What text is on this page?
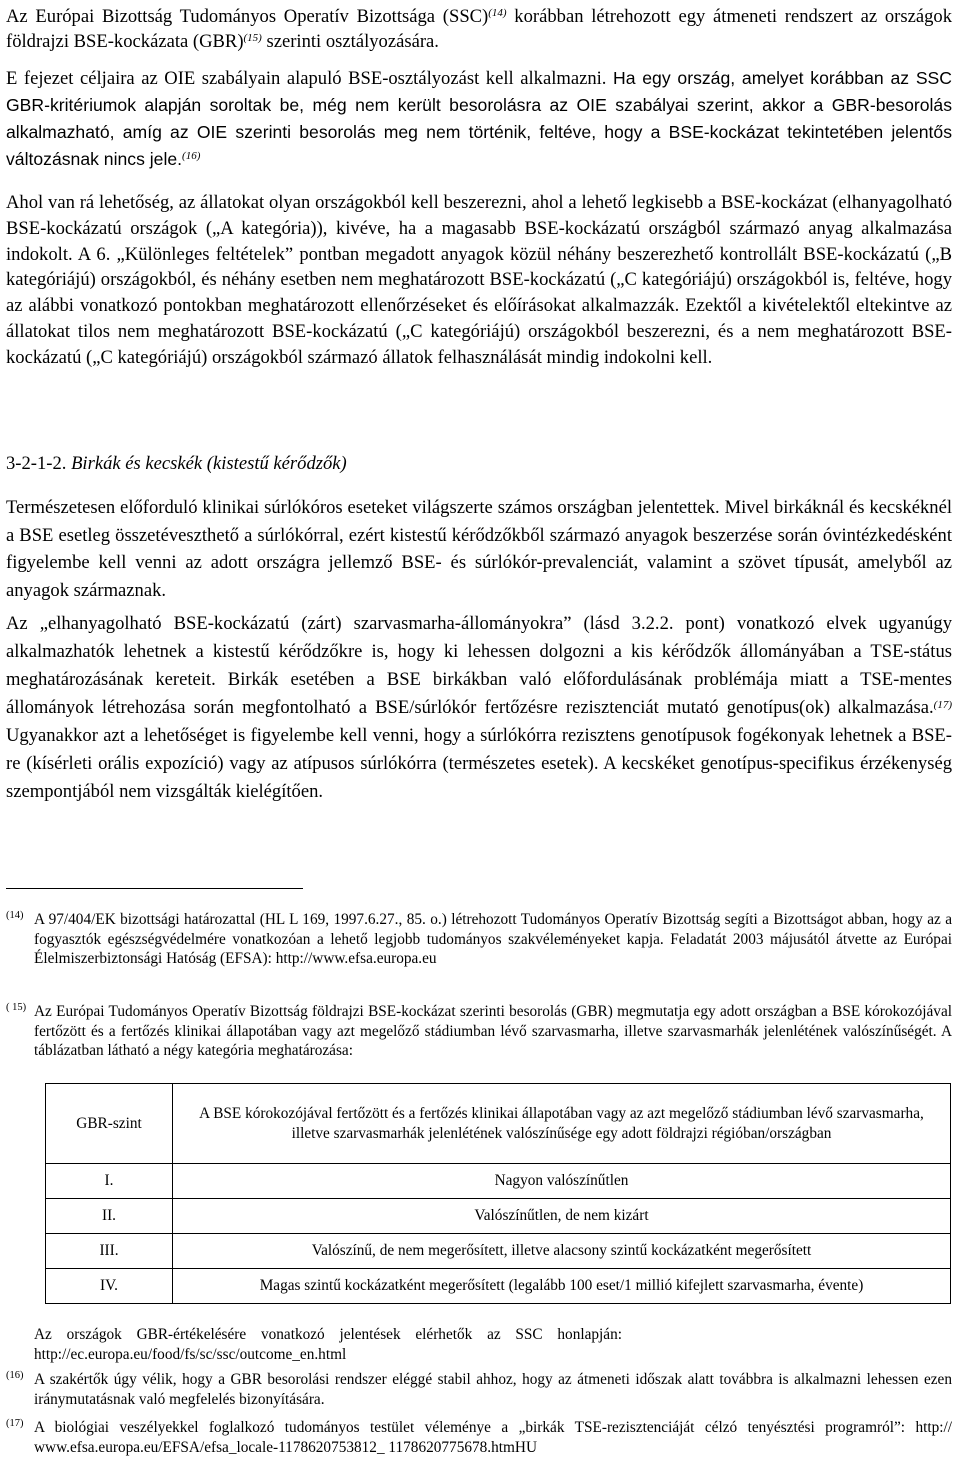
Az Európai Bizottság Tudományos Operatív Bizottsága (SSC)$^{(14)}$ korábban létrehozott egy átmeneti rendszert az országok földrajzi BSE-kockázata (GBR)$^{(15)}$ szerinti osztályozására.

E fejezet céljaira az OIE szabályain alapuló BSE-osztályozást kell alkalmazni. Ha egy ország, amelyet korábban az SSC GBR-kritériumok alapján soroltak be, még nem került besorolásra az OIE szabályai szerint, akkor a GBR-besorolás alkalmazható, amíg az OIE szerinti besorolás meg nem történik, feltéve, hogy a BSE-kockázat tekintetében jelentős változásnak nincs jele.$^{(16)}$

Ahol van rá lehetőség, az állatokat olyan országokból kell beszerezni, ahol a lehető legkisebb a BSE-kockázat (elhanyagolható BSE-kockázatú országok („A kategória)), kivéve, ha a magasabb BSE-kockázatú országból származó anyag alkalmazása indokolt. A 6. „Különleges feltételek” pontban megadott anyagok közül néhány beszerezhető kontrollált BSE-kockázatú („B kategóriájú) országokból, és néhány esetben nem meghatározott BSE-kockázatú („C kategóriájú) országokból is, feltéve, hogy az alábbi vonatkozó pontokban meghatározott ellenőrzéseket és előírásokat alkalmazzák. Ezektől a kivételektől eltekintve az állatokat tilos nem meghatározott BSE-kockázatú („C kategóriájú) országokból beszerezni, és a nem meghatározott BSE-kockázatú („C kategóriájú) országokból származó állatok felhasználását mindig indokolni kell.

3-2-1-2. Birkák és kecskék (kistestű kérődzők)

Természetesen előforduló klinikai súrlókóros eseteket világszerte számos országban jelentettek. Mivel birkáknál és kecskéknél a BSE esetleg összetéveszthető a súrlókórral, ezért kistestű kérődzőkből származó anyagok beszerzése során óvintézkedésként figyelembe kell venni az adott országra jellemző BSE- és súrlókór-prevalenciát, valamint a szövet típusát, amelyből az anyagok származnak.

Az „elhanyagolható BSE-kockázatú (zárt) szarvasmarha-állományokra” (lásd 3.2.2. pont) vonatkozó elvek ugyanúgy alkalmazhatók lehetnek a kistestű kérődzőkre is, hogy ki lehessen dolgozni a kis kérődzők állományában a TSE-státus meghatározásának kereteit. Birkák esetében a BSE birkákban való előfordulásának problémája miatt a TSE-mentes állományok létrehozása során megfontolható a BSE/súrlókór fertőzésre rezisztenciát mutató genotípus(ok) alkalmazása.$^{(17)}$ Ugyanakkor azt a lehetőséget is figyelembe kell venni, hogy a súrlókórra rezisztens genotípusok fogékonyak lehetnek a BSE-re (kísérleti orális expozíció) vagy az atípusos súrlókórra (természetes esetek). A kecskéket genotípus-specifikus érzékenység szempontjából nem vizsgálták kielégítően.

(14) A 97/404/EK bizottsági határozattal (HL L 169, 1997.6.27., 85. o.) létrehozott Tudományos Operatív Bizottság segíti a Bizottságot abban, hogy az a fogyasztók egészségvédelmére vonatkozóan a lehető legjobb tudományos szakvéleményeket kapja. Feladatát 2003 májusától átvette az Európai Élelmiszerbiztonsági Hatóság (EFSA): http://www.efsa.europa.eu

( 15) Az Európai Tudományos Operatív Bizottság földrajzi BSE-kockázat szerinti besorolás (GBR) megmutatja egy adott országban a BSE kórokozójával fertőzött és a fertőzés klinikai állapotában vagy azt megelőző stádiumban lévő szarvasmarha, illetve szarvasmarhák jelenlétének valószínűségét. A táblázatban látható a négy kategória meghatározása:

GBR-szint	A BSE kórokozójával fertőzött és a fertőzés klinikai állapotában vagy az azt megelőző stádiumban lévő szarvasmarha, illetve szarvasmarhák jelenlétének valószínűsége egy adott földrajzi régióban/országban
I.	Nagyon valószínűtlen
II.	Valószínűtlen, de nem kizárt
III.	Valószínű, de nem megerősített, illetve alacsony szintű kockázatként megerősített
IV.	Magas szintű kockázatként megerősített (legalább 100 eset/1 millió kifejlett szarvasmarha, évente)

Az országok GBR-értékelésére vonatkozó jelentések elérhetők az SSC honlapján: http://ec.europa.eu/food/fs/sc/ssc/outcome_en.html

(16) A szakértők úgy vélik, hogy a GBR besorolási rendszer eléggé stabil ahhoz, hogy az átmeneti időszak alatt továbbra is alkalmazni lehessen ezen iránymutatásnak való megfelelés bizonyítására.

(17) A biológiai veszélyekkel foglalkozó tudományos testület véleménye a „birkák TSE-rezisztenciáját célzó tenyésztési programról”: http:// www.efsa.europa.eu/EFSA/efsa_locale-1178620753812_ 1178620775678.htmHU
